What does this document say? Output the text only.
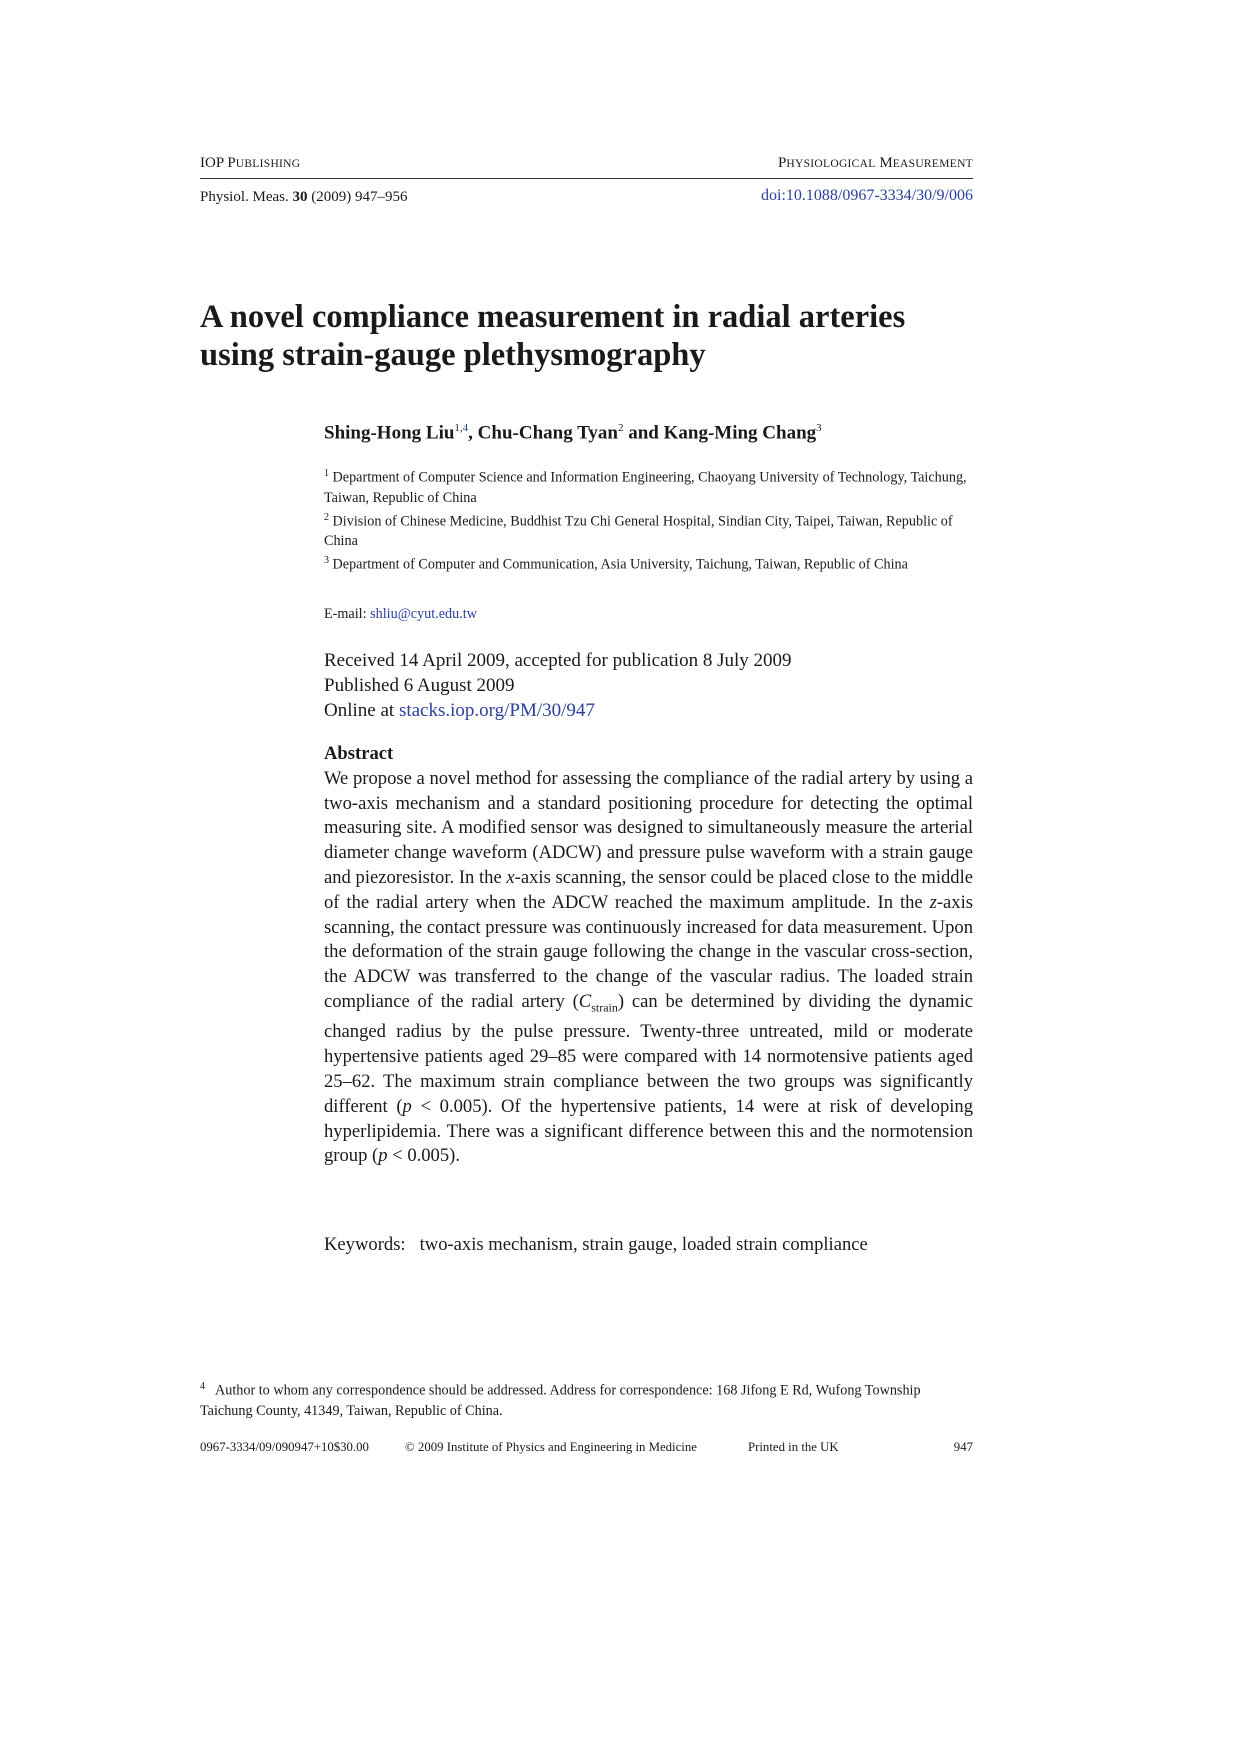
IOP PUBLISHING	PHYSIOLOGICAL MEASUREMENT
Physiol. Meas. 30 (2009) 947–956	doi:10.1088/0967-3334/30/9/006
A novel compliance measurement in radial arteries
using strain-gauge plethysmography
Shing-Hong Liu$^{1,4}$, Chu-Chang Tyan$^2$ and Kang-Ming Chang$^3$

$^1$ Department of Computer Science and Information Engineering, Chaoyang University of Technology, Taichung, Taiwan, Republic of China

$^2$ Division of Chinese Medicine, Buddhist Tzu Chi General Hospital, Sindian City, Taipei, Taiwan, Republic of China

$^3$ Department of Computer and Communication, Asia University, Taichung, Taiwan, Republic of China

E-mail: shliu@cyut.edu.tw
Received 14 April 2009, accepted for publication 8 July 2009
Published 6 August 2009
Online at stacks.iop.org/PM/30/947
Abstract

We propose a novel method for assessing the compliance of the radial artery by using a two-axis mechanism and a standard positioning procedure for detecting the optimal measuring site. A modified sensor was designed to simultaneously measure the arterial diameter change waveform (ADCW) and pressure pulse waveform with a strain gauge and piezoresistor. In the x-axis scanning, the sensor could be placed close to the middle of the radial artery when the ADCW reached the maximum amplitude. In the z-axis scanning, the contact pressure was continuously increased for data measurement. Upon the deformation of the strain gauge following the change in the vascular cross-section, the ADCW was transferred to the change of the vascular radius. The loaded strain compliance of the radial artery $(C_{strain})$ can be determined by dividing the dynamic changed radius by the pulse pressure. Twenty-three untreated, mild or moderate hypertensive patients aged 29–85 were compared with 14 normotensive patients aged 25–62. The maximum strain compliance between the two groups was significantly different (p < 0.005). Of the hypertensive patients, 14 were at risk of developing hyperlipidemia. There was a significant difference between this and the normotension group (p < 0.005).

Keywords: two-axis mechanism, strain gauge, loaded strain compliance
$^4$ Author to whom any correspondence should be addressed. Address for correspondence: 168 Jifong E Rd, Wufong Township Taichung County, 41349, Taiwan, Republic of China.
0967-3334/09/090947+10$30.00	© 2009 Institute of Physics and Engineering in Medicine	Printed in the UK	947
